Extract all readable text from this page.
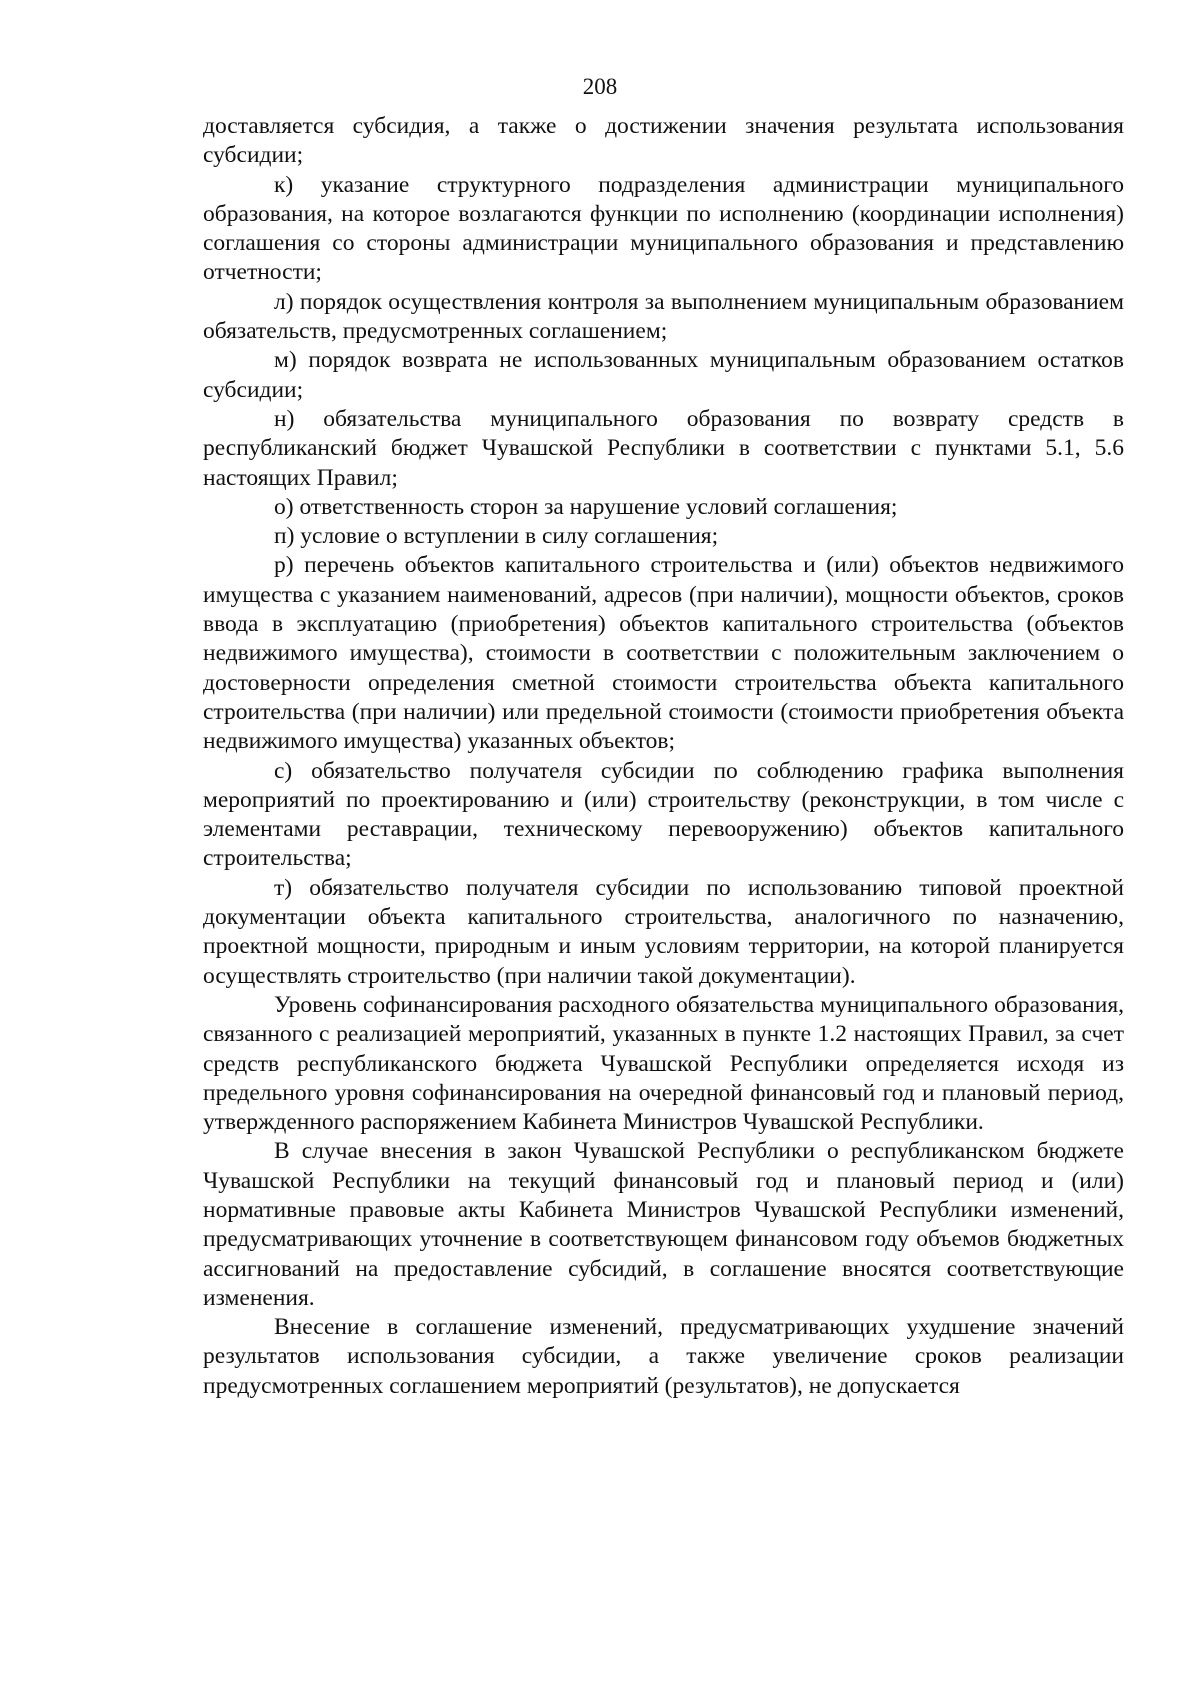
208

доставляется субсидия, а также о достижении значения результата использования субсидии;

к) указание структурного подразделения администрации муниципального образования, на которое возлагаются функции по исполнению (координации исполнения) соглашения со стороны администрации муниципального образования и представлению отчетности;

л) порядок осуществления контроля за выполнением муниципальным образованием обязательств, предусмотренных соглашением;

м) порядок возврата не использованных муниципальным образованием остатков субсидии;

н) обязательства муниципального образования по возврату средств в республиканский бюджет Чувашской Республики в соответствии с пунктами 5.1, 5.6 настоящих Правил;

о) ответственность сторон за нарушение условий соглашения;

п) условие о вступлении в силу соглашения;

р) перечень объектов капитального строительства и (или) объектов недвижимого имущества с указанием наименований, адресов (при наличии), мощности объектов, сроков ввода в эксплуатацию (приобретения) объектов капитального строительства (объектов недвижимого имущества), стоимости в соответствии с положительным заключением о достоверности определения сметной стоимости строительства объекта капитального строительства (при наличии) или предельной стоимости (стоимости приобретения объекта недвижимого имущества) указанных объектов;

с) обязательство получателя субсидии по соблюдению графика выполнения мероприятий по проектированию и (или) строительству (реконструкции, в том числе с элементами реставрации, техническому перевооружению) объектов капитального строительства;

т) обязательство получателя субсидии по использованию типовой проектной документации объекта капитального строительства, аналогичного по назначению, проектной мощности, природным и иным условиям территории, на которой планируется осуществлять строительство (при наличии такой документации).

Уровень софинансирования расходного обязательства муниципального образования, связанного с реализацией мероприятий, указанных в пункте 1.2 настоящих Правил, за счет средств республиканского бюджета Чувашской Республики определяется исходя из предельного уровня софинансирования на очередной финансовый год и плановый период, утвержденного распоряжением Кабинета Министров Чувашской Республики.

В случае внесения в закон Чувашской Республики о республиканском бюджете Чувашской Республики на текущий финансовый год и плановый период и (или) нормативные правовые акты Кабинета Министров Чувашской Республики изменений, предусматривающих уточнение в соответствующем финансовом году объемов бюджетных ассигнований на предоставление субсидий, в соглашение вносятся соответствующие изменения.

Внесение в соглашение изменений, предусматривающих ухудшение значений результатов использования субсидии, а также увеличение сроков реализации предусмотренных соглашением мероприятий (результатов), не допускается
